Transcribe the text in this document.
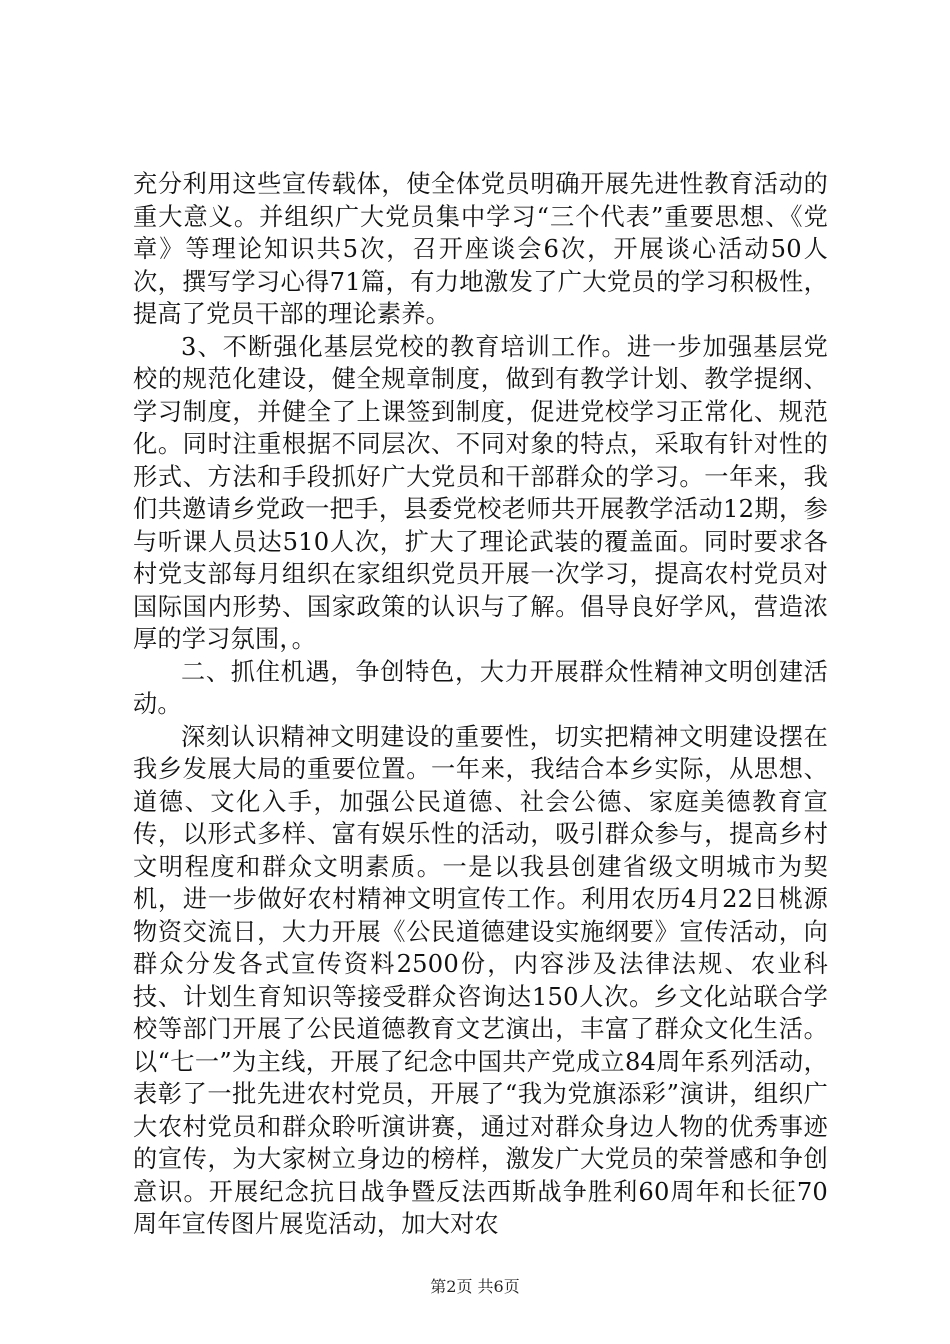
充分利用这些宣传载体，使全体党员明确开展先进性教育活动的重大意义。并组织广大党员集中学习“三个代表”重要思想、《党章》等理论知识共5次，召开座谈会6次，开展谈心活动50人次，撰写学习心得71篇，有力地激发了广大党员的学习积极性，提高了党员干部的理论素养。

3、不断强化基层党校的教育培训工作。进一步加强基层党校的规范化建设，健全规章制度，做到有教学计划、教学提纲、学习制度，并健全了上课签到制度，促进党校学习正常化、规范化。同时注重根据不同层次、不同对象的特点，采取有针对性的形式、方法和手段抓好广大党员和干部群众的学习。一年来，我们共邀请乡党政一把手，县委党校老师共开展教学活动12期，参与听课人员达510人次，扩大了理论武装的覆盖面。同时要求各村党支部每月组织在家组织党员开展一次学习，提高农村党员对国际国内形势、国家政策的认识与了解。倡导良好学风，营造浓厚的学习氛围，。

二、抓住机遇，争创特色，大力开展群众性精神文明创建活动。

深刻认识精神文明建设的重要性，切实把精神文明建设摆在我乡发展大局的重要位置。一年来，我结合本乡实际，从思想、道德、文化入手，加强公民道德、社会公德、家庭美德教育宣传，以形式多样、富有娱乐性的活动，吸引群众参与，提高乡村文明程度和群众文明素质。一是以我县创建省级文明城市为契机，进一步做好农村精神文明宣传工作。利用农历4月22日桃源物资交流日，大力开展《公民道德建设实施纲要》宣传活动，向群众分发各式宣传资料2500份，内容涉及法律法规、农业科技、计划生育知识等接受群众咨询达150人次。乡文化站联合学校等部门开展了公民道德教育文艺演出，丰富了群众文化生活。以“七一”为主线，开展了纪念中国共产党成立84周年系列活动，表彰了一批先进农村党员，开展了“我为党旗添彩”演讲，组织广大农村党员和群众聆听演讲赛，通过对群众身边人物的优秀事迹的宣传，为大家树立身边的榜样，激发广大党员的荣誉感和争创意识。开展纪念抗日战争暨反法西斯战争胜利60周年和长征70周年宣传图片展览活动，加大对农

第2页 共6页
